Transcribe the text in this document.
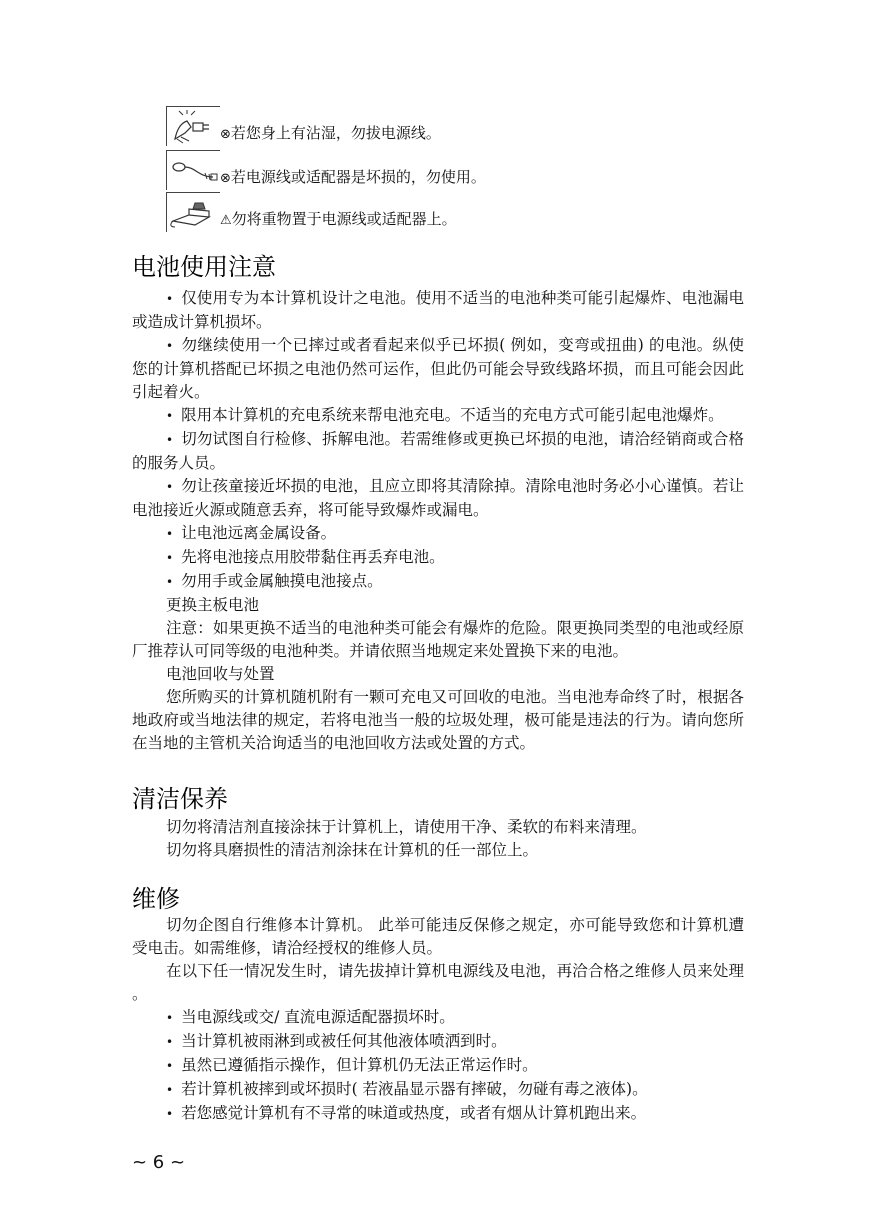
⊗若您身上有沾湿，勿拔电源线。
⊗若电源线或适配器是坏损的，勿使用。
⚠勿将重物置于电源线或适配器上。
电池使用注意

• 仅使用专为本计算机设计之电池。使用不适当的电池种类可能引起爆炸、电池漏电或造成计算机损坏。

• 勿继续使用一个已摔过或者看起来似乎已坏损( 例如，变弯或扭曲) 的电池。纵使您的计算机搭配已坏损之电池仍然可运作，但此仍可能会导致线路坏损，而且可能会因此引起着火。

• 限用本计算机的充电系统来帮电池充电。不适当的充电方式可能引起电池爆炸。

• 切勿试图自行检修、拆解电池。若需维修或更换已坏损的电池，请洽经销商或合格的服务人员。

• 勿让孩童接近坏损的电池，且应立即将其清除掉。清除电池时务必小心谨慎。若让电池接近火源或随意丢弃，将可能导致爆炸或漏电。

• 让电池远离金属设备。

• 先将电池接点用胶带黏住再丢弃电池。

• 勿用手或金属触摸电池接点。

更换主板电池

注意：如果更换不适当的电池种类可能会有爆炸的危险。限更换同类型的电池或经原厂推荐认可同等级的电池种类。并请依照当地规定来处置换下来的电池。

电池回收与处置

您所购买的计算机随机附有一颗可充电又可回收的电池。当电池寿命终了时，根据各地政府或当地法律的规定，若将电池当一般的垃圾处理，极可能是违法的行为。请向您所在当地的主管机关洽询适当的电池回收方法或处置的方式。

清洁保养

切勿将清洁剂直接涂抹于计算机上，请使用干净、柔软的布料来清理。

切勿将具磨损性的清洁剂涂抹在计算机的任一部位上。

维修

切勿企图自行维修本计算机。 此举可能违反保修之规定，亦可能导致您和计算机遭受电击。如需维修，请洽经授权的维修人员。

在以下任一情况发生时，请先拔掉计算机电源线及电池，再洽合格之维修人员来处理 。

• 当电源线或交/ 直流电源适配器损坏时。

• 当计算机被雨淋到或被任何其他液体喷洒到时。

• 虽然已遵循指示操作，但计算机仍无法正常运作时。

• 若计算机被摔到或坏损时( 若液晶显示器有摔破，勿碰有毒之液体)。

• 若您感觉计算机有不寻常的味道或热度，或者有烟从计算机跑出来。

~ 6 ~
